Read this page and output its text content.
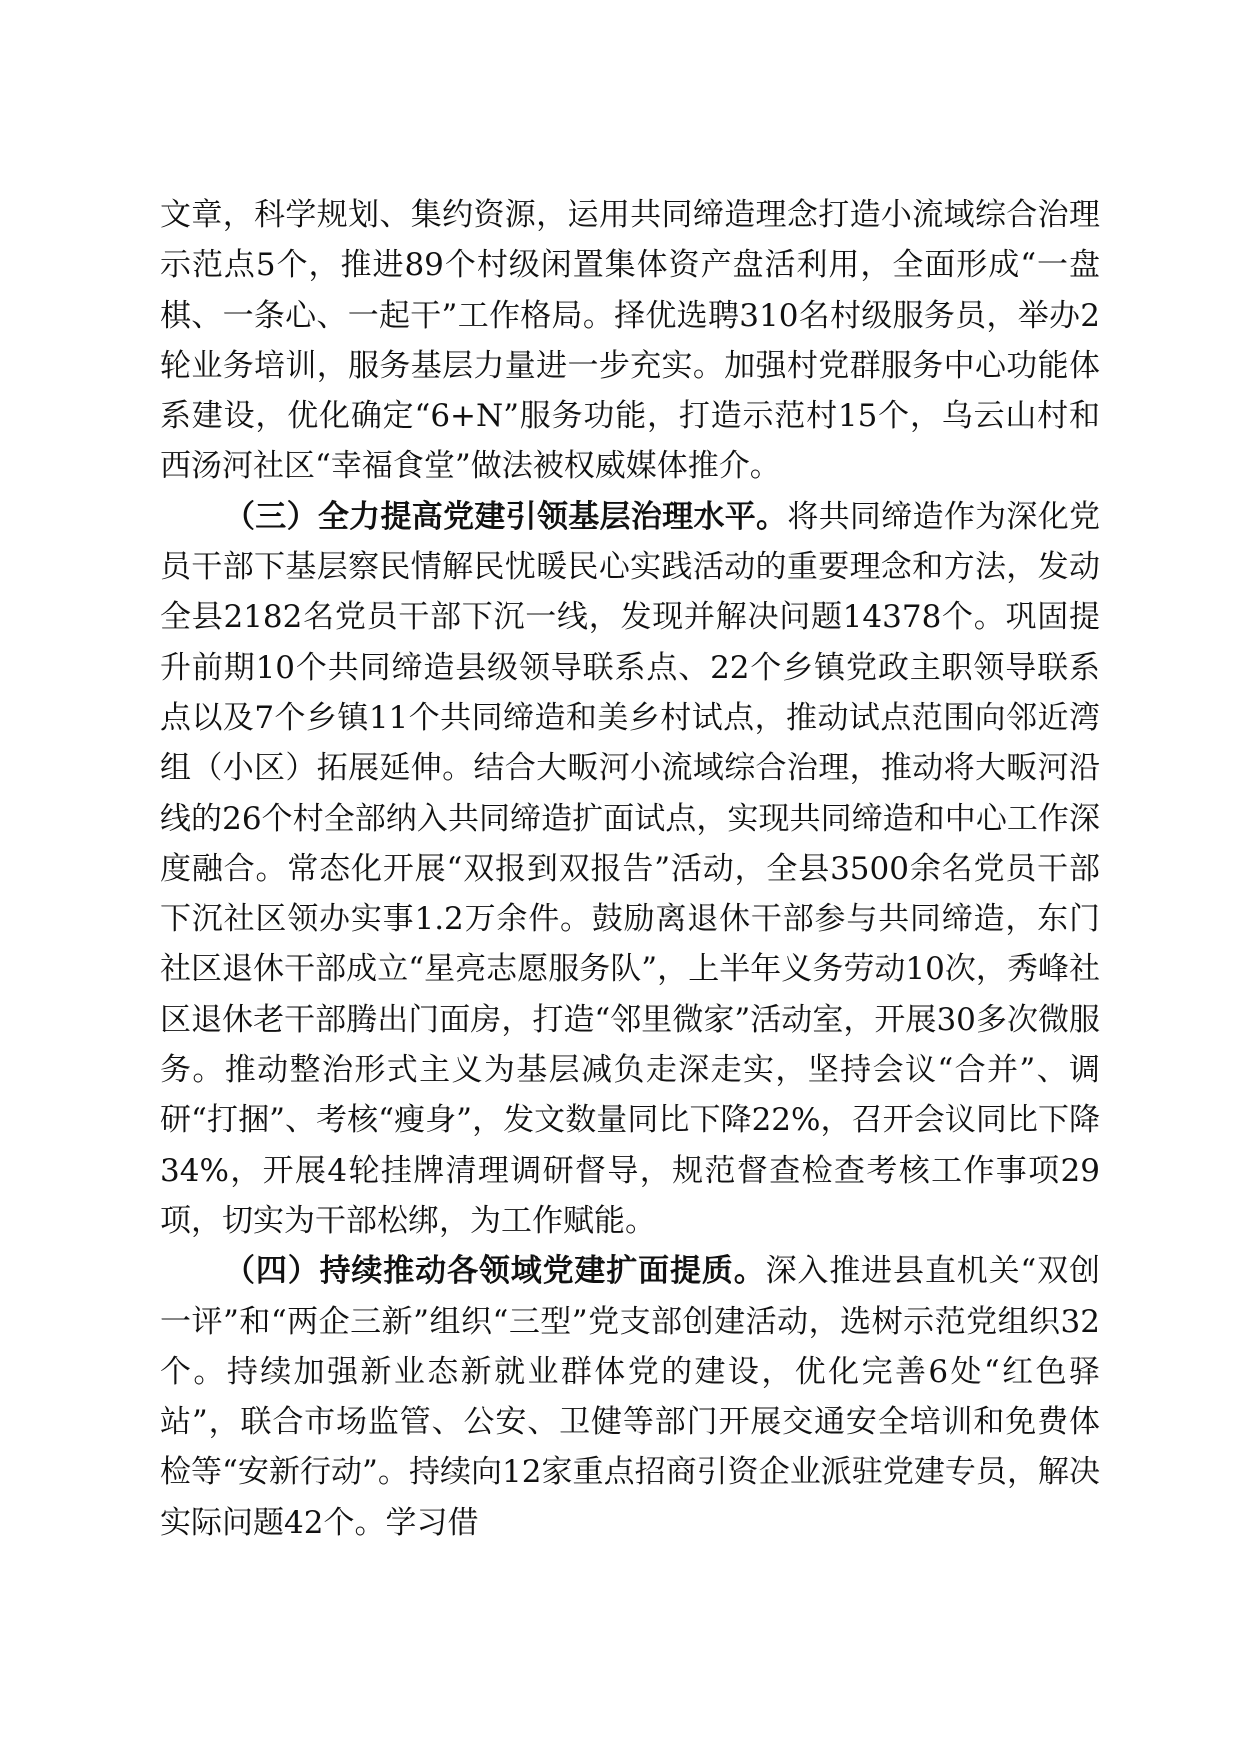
文章，科学规划、集约资源，运用共同缔造理念打造小流域综合治理示范点5个，推进89个村级闲置集体资产盘活利用，全面形成“一盘棋、一条心、一起干”工作格局。择优选聘310名村级服务员，举办2轮业务培训，服务基层力量进一步充实。加强村党群服务中心功能体系建设，优化确定“6+N”服务功能，打造示范村15个，乌云山村和西汤河社区“幸福食堂”做法被权威媒体推介。

（三）全力提高党建引领基层治理水平。将共同缔造作为深化党员干部下基层察民情解民忧暖民心实践活动的重要理念和方法，发动全县2182名党员干部下沉一线，发现并解决问题14378个。巩固提升前期10个共同缔造县级领导联系点、22个乡镇党政主职领导联系点以及7个乡镇11个共同缔造和美乡村试点，推动试点范围向邻近湾组（小区）拓展延伸。结合大畈河小流域综合治理，推动将大畈河沿线的26个村全部纳入共同缔造扩面试点，实现共同缔造和中心工作深度融合。常态化开展“双报到双报告”活动，全县3500余名党员干部下沉社区领办实事1.2万余件。鼓励离退休干部参与共同缔造，东门社区退休干部成立“星亮志愿服务队”，上半年义务劳动10次，秀峰社区退休老干部腾出门面房，打造“邻里微家”活动室，开展30多次微服务。推动整治形式主义为基层减负走深走实，坚持会议“合并”、调研“打捆”、考核“瘦身”，发文数量同比下降22%，召开会议同比下降34%，开展4轮挂牌清理调研督导，规范督查检查考核工作事项29项，切实为干部松绑，为工作赋能。

（四）持续推动各领域党建扩面提质。深入推进县直机关“双创一评”和“两企三新”组织“三型”党支部创建活动，选树示范党组织32个。持续加强新业态新就业群体党的建设，优化完善6处“红色驿站”，联合市场监管、公安、卫健等部门开展交通安全培训和免费体检等“安新行动”。持续向12家重点招商引资企业派驻党建专员，解决实际问题42个。学习借
